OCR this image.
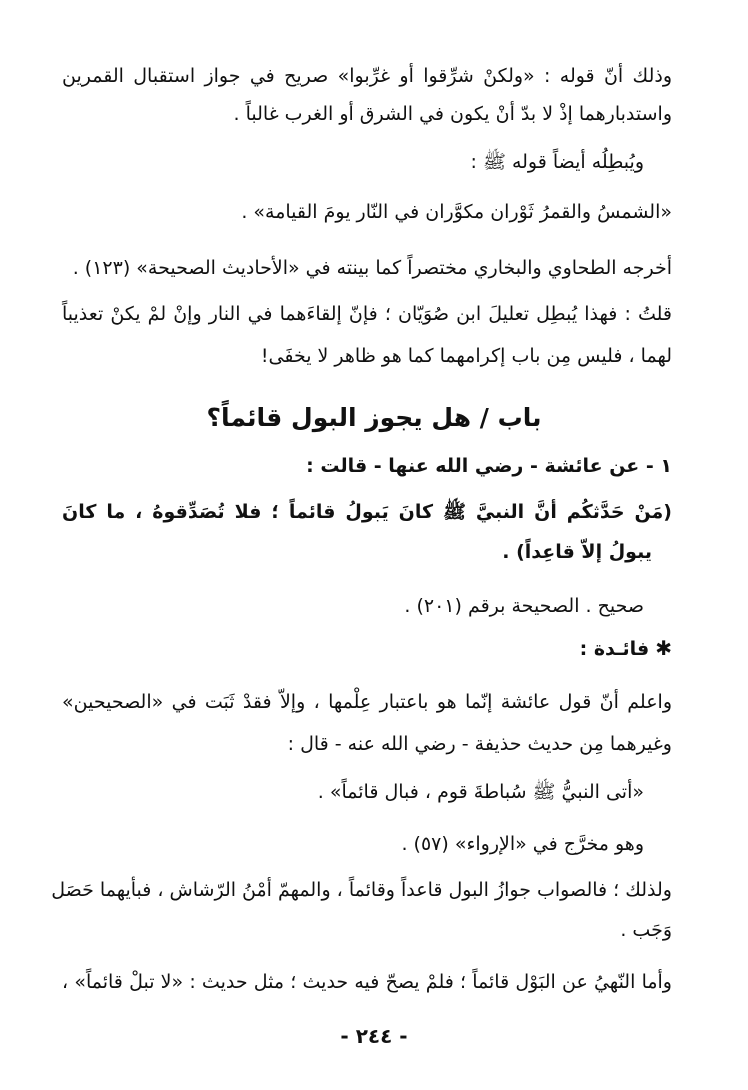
وذلك أنّ قوله : «ولكنْ شرِّقوا أو غرِّبوا» صريح في جواز استقبال القمرين
واستدبارهما إذْ لا بدّ أنْ يكون في الشرق أو الغرب غالباً .
ويُبطِلُه أيضاً قوله ﷺ :
«الشمسُ والقمرُ ثَوْران مكوَّران في النّار يومَ القيامة» .
أخرجه الطحاوي والبخاري مختصراً كما بينته في «الأحاديث الصحيحة» (١٢٣) .
قلتُ : فهذا يُبطِل تعليلَ ابن صُوَيّان ؛ فإنّ إلقاءَهما في النار وإنْ لمْ يكنْ تعذيباً
لهما ، فليس مِن باب إكرامهما كما هو ظاهر لا يخفَى!
باب / هل يجوز البول قائماً؟
١ - عن عائشة - رضي الله عنها - قالت :
(مَنْ حَدَّثكُم أنَّ النبيَّ ﷺ كانَ يَبولُ قائماً ؛ فلا تُصَدِّقوهُ ، ما كانَ
يبولُ إلاّ قاعِداً) .
صحيح . الصحيحة برقم (٢٠١) .
✱فائـدة :
واعلم أنّ قول عائشة إنّما هو باعتبار عِلْمها ، وإلاّ فقدْ ثَبَت في «الصحيحين»
وغيرهما مِن حديث حذيفة - رضي الله عنه - قال :
«أتى النبيُّ ﷺ سُباطةَ قوم ، فبال قائماً» .
وهو مخرَّج في «الإرواء» (٥٧) .
ولذلك ؛ فالصواب جوازُ البول قاعداً وقائماً ، والمهمّ أمْنُ الرّشاش ، فبأيهما حَصَل
وَجَب .
وأما النّهيُ عن البَوْل قائماً ؛ فلمْ يصحّ فيه حديث ؛ مثل حديث : «لا تبلْ قائماً» ،
- ٢٤٤ -
